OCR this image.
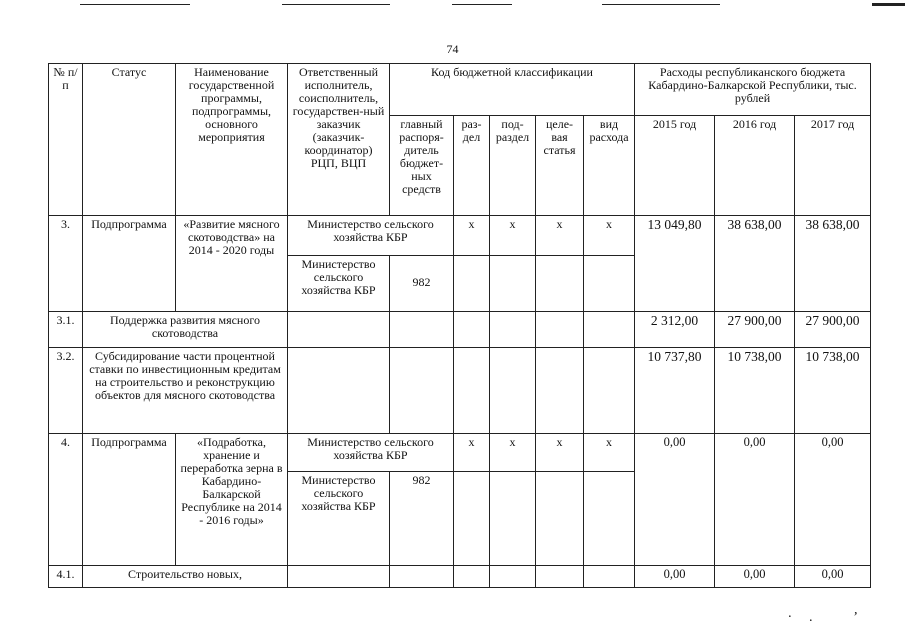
74
№ п/п	Статус	Наименование государственной программы, подпрограммы, основного мероприятия	Ответственный исполнитель, соисполнитель, государствен-ный заказчик (заказчик-координатор) РЦП, ВЦП	Код бюджетной классификации					Расходы республиканского бюджета Кабардино-Балкарской Республики, тыс. рублей		
				главный распоря-дитель бюджет-ных средств	раз-дел	под-раздел	целе-вая статья	вид расхода	2015 год	2016 год	2017 год
3.	Подпрограмма	«Развитие мясного скотоводства» на 2014 - 2020 годы	Министерство сельского хозяйства КБР		х	х	х	х	13 049,80	38 638,00	38 638,00
			Министерство сельского хозяйства КБР	982							
3.1.	Поддержка развития мясного скотоводства								2 312,00	27 900,00	27 900,00
3.2.	Субсидирование части процентной ставки по инвестиционным кредитам на строительство и реконструкцию объектов для мясного скотоводства								10 737,80	10 738,00	10 738,00
4.	Подпрограмма	«Подработка, хранение и переработка зерна в Кабардино-Балкарской Республике на 2014 - 2016 годы»	Министерство сельского хозяйства КБР		х	х	х	х	0,00	0,00	0,00
			Министерство сельского хозяйства КБР	982							
4.1.	Строительство новых,								0,00	0,00	0,00
·. ʼ
